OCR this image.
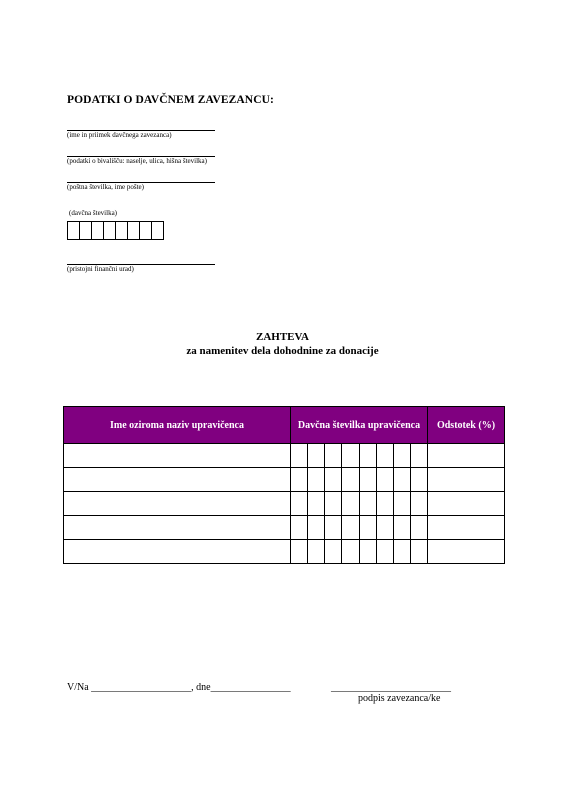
PODATKI O DAVČNEM ZAVEZANCU:
(ime in priimek davčnega zavezanca)
(podatki o bivališču: naselje, ulica, hišna številka)
(poštna številka, ime pošte)
(davčna številka)
(pristojni finančni urad)
ZAHTEVA
za namenitev dela dohodnine za donacije
Ime oziroma naziv upravičenca	Davčna številka upravičenca	Odstotek (%)
V/Na ____________________, dne________________	________________________
podpis zavezanca/ke
